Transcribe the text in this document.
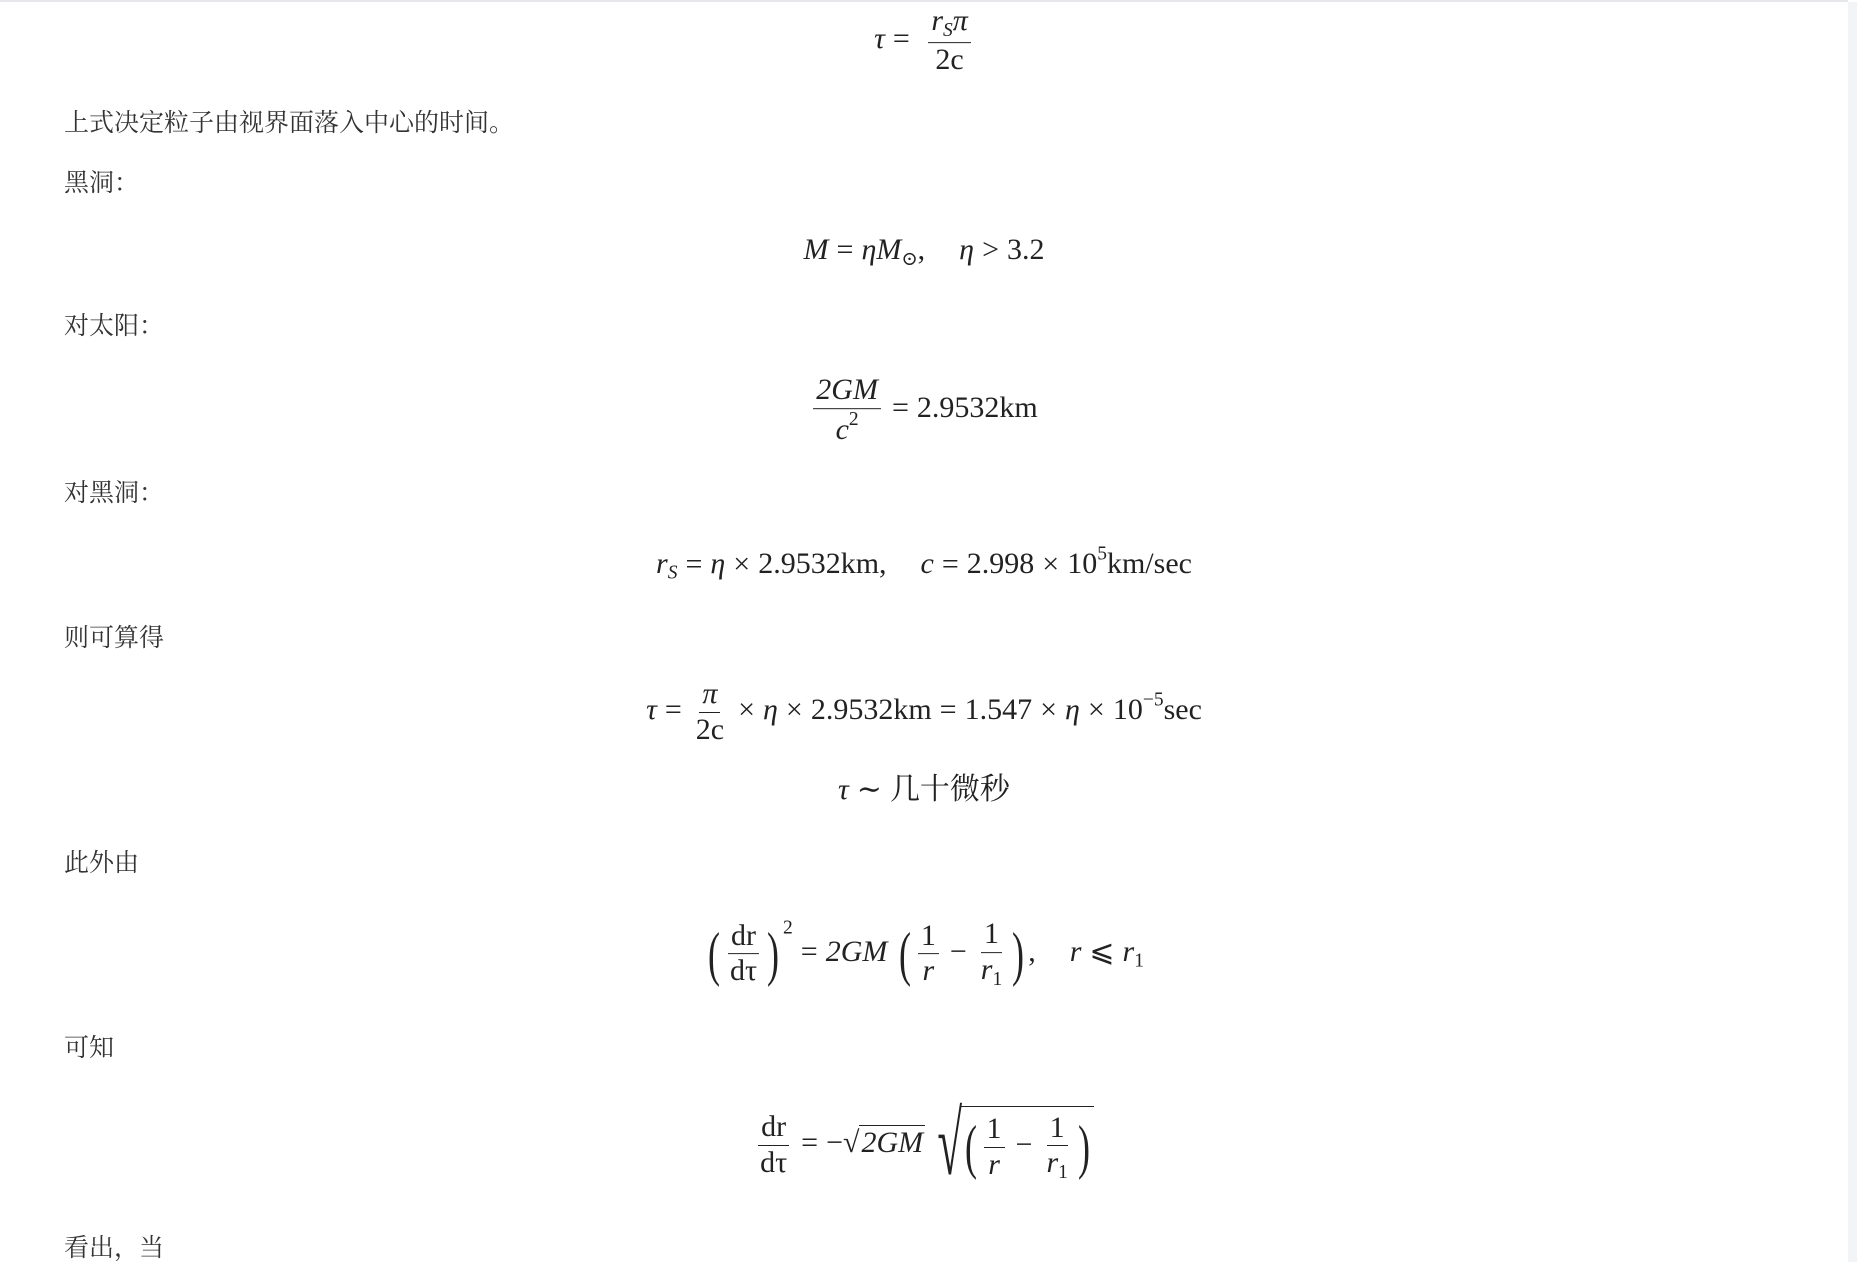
$\tau = \frac{r_S\pi}{2c}$
上式决定粒子由视界面落入中心的时间。
黑洞：
$M = \eta M_⊙$, η > 3.2
对太阳：
$\frac{2GM}{c^2} = 2.9532km$
对黑洞：
$r_S = \eta \times 2.9532km$, $c = 2.998 \times 10^5km/\sec$
则可算得
$\tau = \frac{\pi}{2c} \times \eta \times 2.9532km = 1.547 \times \eta \times 10^{-5}\sec$
τ ∼ 几十微秒
此外由
( $\frac{dr}{d\tau}$ ) $^2$= 2GM ( $\frac{1}{r} - \frac{1}{r_1}$ ) , r ⩽ $r_1$
可知
$\frac{dr}{d\tau} = -√2GM$ √( $\frac{1}{r} - \frac{1}{r_1}$ )
看出，当
